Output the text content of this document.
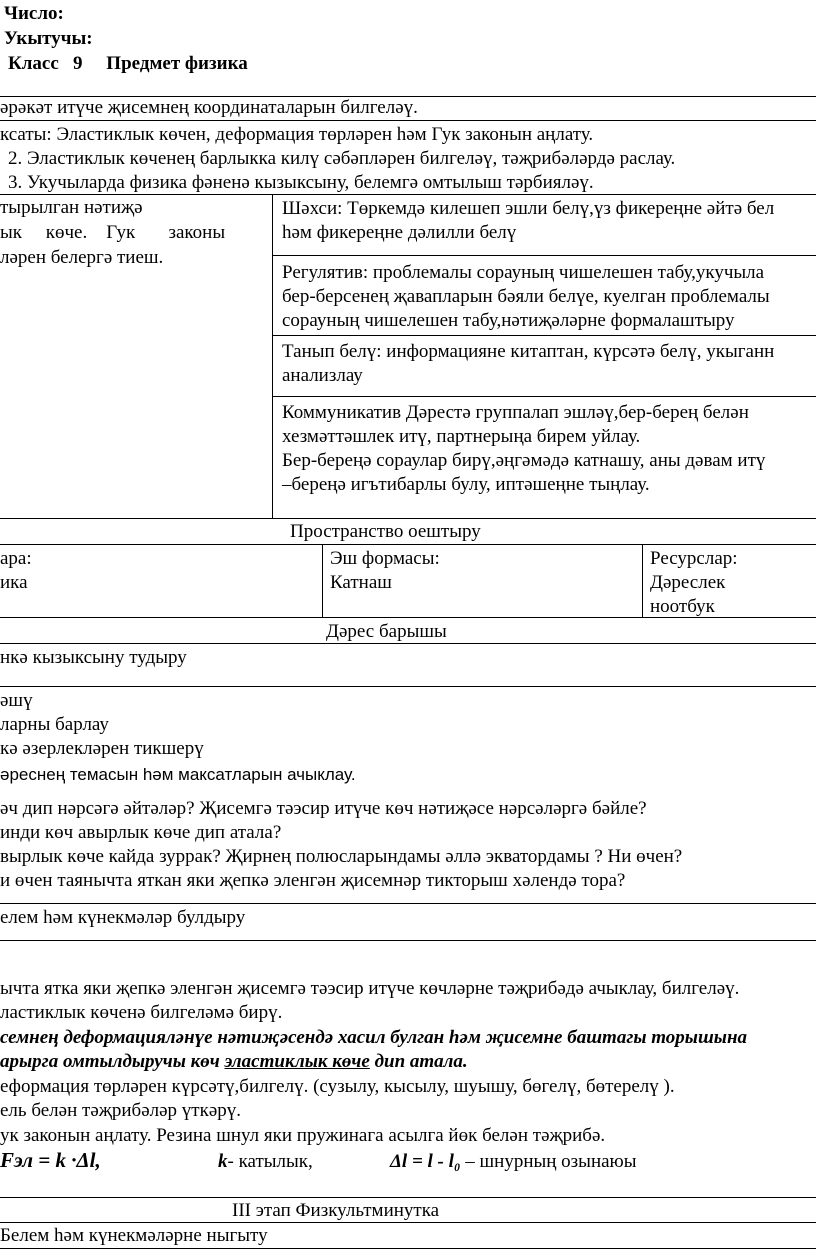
Число:
Укытучы:
Класс   9     Предмет физика
әрәкәт итүче җисемнең координаталарын билгеләү.
ксаты: Эластиклык көчен, деформация төрләрен һәм Гук законын аңлату.
2. Эластиклык көченең барлыкка килү сәбәпләрен билгеләү, тәҗрибәләрдә раслау.
3. Укучыларда физика фәненә кызыксыну, белемгә омтылыш тәрбияләү.
тырылган нәтиҗә
ык     көче.    Гук       законы
ләрен белергә тиеш.
Шәхси: Төркемдә килешеп эшли белү,үз фикереңне әйтә бел
һәм фикереңне дәлилли белү
Регулятив: проблемалы сорауның чишелешен табу,укучыла
бер-берсенең җавапларын бәяли белүе, куелган проблемалы
сорауның чишелешен табу,нәтиҗәләрне формалаштыру
Танып белү: информацияне китаптан, күрсәтә белү, укыганн
анализлау
Коммуникатив Дәрестә группалап эшләү,бер-берең белән
хезмәттәшлек итү, партнерыңа бирем уйлау.
Бер-береңә сораулар бирү,әңгәмәдә катнашу, аны дәвам итү
–береңә игътибарлы булу, иптәшеңне тыңлау.
Пространство оештыру
ара:
ика
Эш формасы:
Катнаш
Ресурслар:
Дәреслек
ноотбук
Дәрес барышы
нкә кызыксыну тудыру
әшү
ларны барлау
кә әзерлекләрен тикшерү
әреснең темасын һәм максатларын ачыклау.
әч дип нәрсәгә әйтәләр? Җисемгә тәэсир итүче көч нәтиҗәсе нәрсәләргә бәйле?
инди көч авырлык көче дип атала?
вырлык көче кайда зуррак? Җирнең полюсларындамы әллә экватордамы ? Ни өчен?
и өчен таянычта яткан яки җепкә эленгән җисемнәр тикторыш хәлендә тора?
елем һәм күнекмәләр булдыру
ычта ятка яки җепкә эленгән җисемгә тәэсир итүче көчләрне тәҗрибәдә ачыклау, билгеләү.
ластиклык көченә билгеләмә бирү.
семнең деформацияләнүе нәтиҗәсендә хасил булган һәм җисемне баштагы торышына
арырга омтылдыручы көч эластиклык көче дип атала.
еформация төрләрен күрсәтү,билгелү. (сузылу, кысылу, шуышу, бөгелү, бөтерелү ).
ель белән тәҗрибәләр үткәрү.
ук законын аңлату. Резина шнул яки пружинага асылга йөк белән тәҗрибә.
Fэл = k ·Δl,	k- катылык,	Δl = l - l₀ – шнурның озынаюы
III этап Физкультминутка
Белем һәм күнекмәләрне ныгыту
